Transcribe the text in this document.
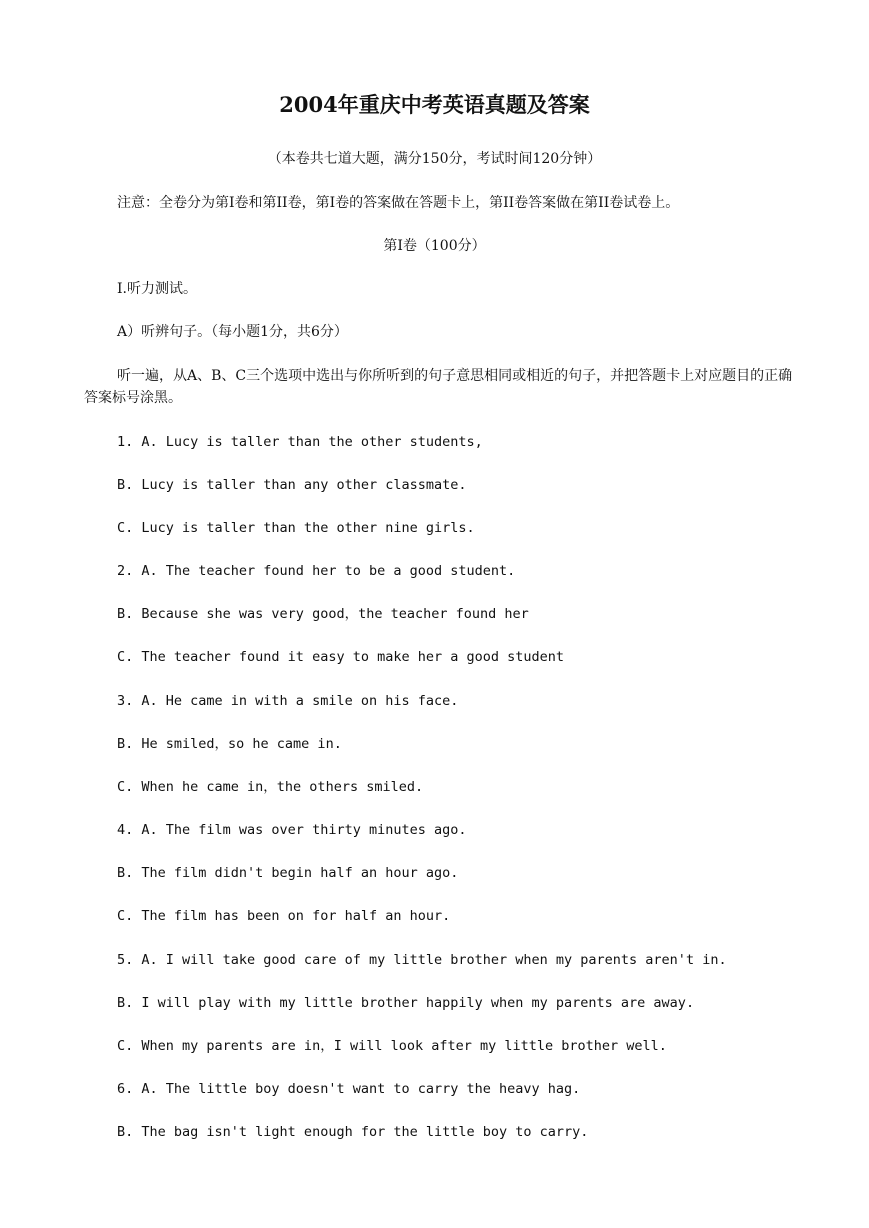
2004年重庆中考英语真题及答案
（本卷共七道大题，满分150分，考试时间120分钟）
注意：全卷分为第Ⅰ卷和第II卷，第Ⅰ卷的答案做在答题卡上，第II卷答案做在第II卷试卷上。
第Ⅰ卷（100分）
Ⅰ.听力测试。
A）听辨句子。（每小题1分，共6分）
听一遍，从A、B、C三个选项中选出与你所听到的句子意思相同或相近的句子，并把答题卡上对应题目的正确答案标号涂黑。
1. A. Lucy is taller than the other students,
B. Lucy is taller than any other classmate.
C. Lucy is taller than the other nine girls.
2. A. The teacher found her to be a good student.
B. Because she was very good，the teacher found her
C. The teacher found it easy to make her a good student
3. A. He came in with a smile on his face.
B. He smiled，so he came in.
C. When he came in，the others smiled.
4. A. The film was over thirty minutes ago.
B. The film didn't begin half an hour ago.
C. The film has been on for half an hour.
5. A. I will take good care of my little brother when my parents aren't in.
B. I will play with my little brother happily when my parents are away.
C. When my parents are in，I will look after my little brother well.
6. A. The little boy doesn't want to carry the heavy hag.
B. The bag isn't light enough for the little boy to carry.
